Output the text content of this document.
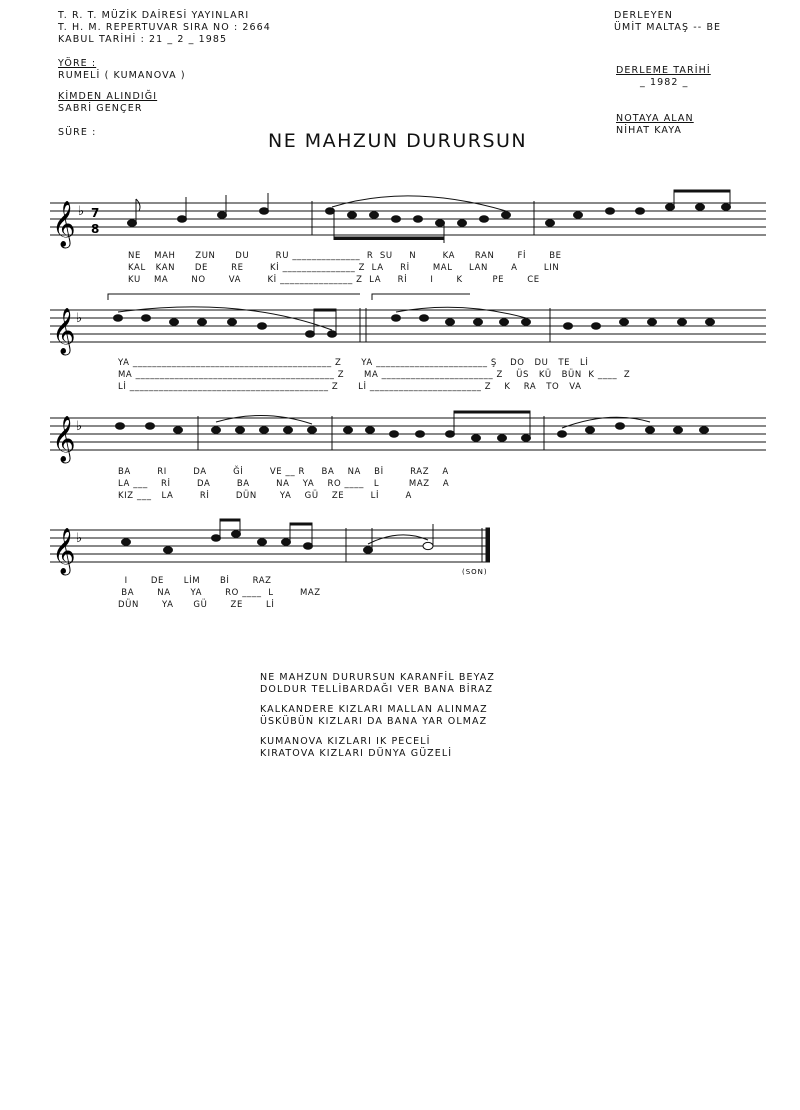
T. R. T. MÜZİK DAİRESİ YAYINLARI
T. H. M. REPERTUVAR SIRA NO : 2664
KABUL TARİHİ : 21 _ 2 _ 1985
DERLEYEN
ÜMİT MALTAŞ -- BE
YÖRE :
RUMELİ ( KUMANOVA )
KİMDEN ALINDIĞI
SABRİ GENÇER
SÜRE :
DERLEME TARİHİ
_ 1982 _
NOTAYA ALAN
NİHAT KAYA
NE MAHZUN DURURSUN
𝄞 ♭ 7
8
NE    MAH      ZUN      DU        RU ______________  R  SU     N        KA      RAN       Fİ       BE
KAL   KAN      DE       RE        Kİ _______________ Z  LA     Rİ       MAL     LAN       A        LIN
KU    MA       NO       VA        Kİ _______________ Z  LA     Rİ       I       K         PE       CE
𝄞 ♭
YA _________________________________________ Z      YA _______________________ Ş    DO   DU   TE   Lİ
MA _________________________________________ Z      MA _______________________ Z    ÜS   KÜ   BÜN  K ____  Z
Lİ _________________________________________ Z      Lİ _______________________ Z    K    RA   TO   VA
𝄞 ♭
BA        RI        DA        Ğİ        VE __ R     BA    NA    Bİ        RAZ    A
LA ___    Rİ        DA        BA        NA    YA    RO ____   L         MAZ    A
KIZ ___   LA        Rİ        DÜN       YA    GÜ    ZE        Lİ        A
𝄞 ♭
(SON)
I       DE      LİM      Bİ       RAZ
BA       NA      YA       RO ____  L        MAZ
DÜN       YA      GÜ       ZE       Lİ
NE MAHZUN DURURSUN KARANFİL BEYAZ
DOLDUR TELLİBARDAĞI VER BANA BİRAZ
KALKANDERE KIZLARI MALLAN ALINMAZ
ÜSKÜBÜN KIZLARI DA BANA YAR OLMAZ
KUMANOVA KIZLARI IK PECELİ
KIRATOVA KIZLARI DÜNYA GÜZELİ
